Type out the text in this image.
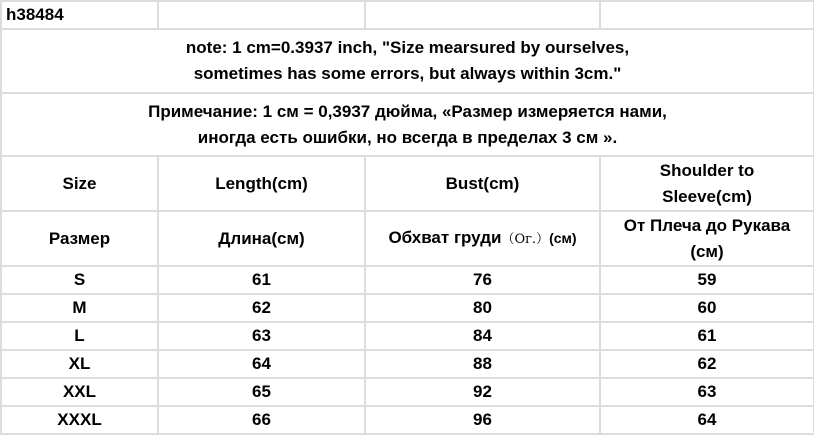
h38484			

note: 1 cm=0.3937 inch, "Size mearsured by ourselves,
sometimes has some errors, but always within 3cm."			

Примечание: 1 см = 0,3937 дюйма, «Размер измеряется нами,
иногда есть ошибки, но всегда в пределах 3 см ».			

Size	Length(cm)	Bust(cm)	Shoulder to
Sleeve(cm)

Размер	Длина(см)	Обхват груди（Ог.）(см)	От Плеча до Рукава
(см)

S	61	76	59
M	62	80	60
L	63	84	61
XL	64	88	62
XXL	65	92	63
XXXL	66	96	64
